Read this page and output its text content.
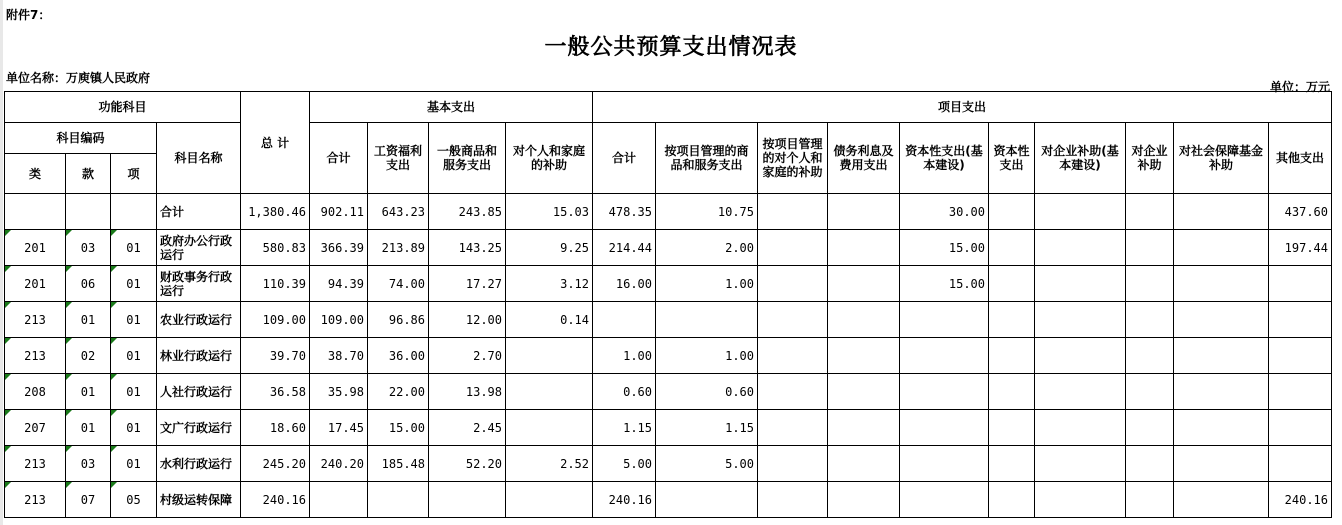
附件7：
一般公共预算支出情况表
单位名称：万庾镇人民政府
单位：万元
功能科目				总 计	基本支出				项目支出									
科目编码			科目名称		合计	工资福利支出	一般商品和服务支出	对个人和家庭的补助	合计	按项目管理的商品和服务支出	按项目管理的对个人和家庭的补助	债务利息及费用支出	资本性支出(基本建设)	资本性支出	对企业补助(基本建设)	对企业补助	对社会保障基金补助	其他支出
类	款	项																
			合计	1,380.46	902.11	643.23	243.85	15.03	478.35	10.75			30.00					437.60
201	03	01	政府办公行政运行	580.83	366.39	213.89	143.25	9.25	214.44	2.00			15.00					197.44
201	06	01	财政事务行政运行	110.39	94.39	74.00	17.27	3.12	16.00	1.00			15.00					
213	01	01	农业行政运行	109.00	109.00	96.86	12.00	0.14										
213	02	01	林业行政运行	39.70	38.70	36.00	2.70		1.00	1.00								
208	01	01	人社行政运行	36.58	35.98	22.00	13.98		0.60	0.60								
207	01	01	文广行政运行	18.60	17.45	15.00	2.45		1.15	1.15								
213	03	01	水利行政运行	245.20	240.20	185.48	52.20	2.52	5.00	5.00								
213	07	05	村级运转保障	240.16					240.16									240.16
